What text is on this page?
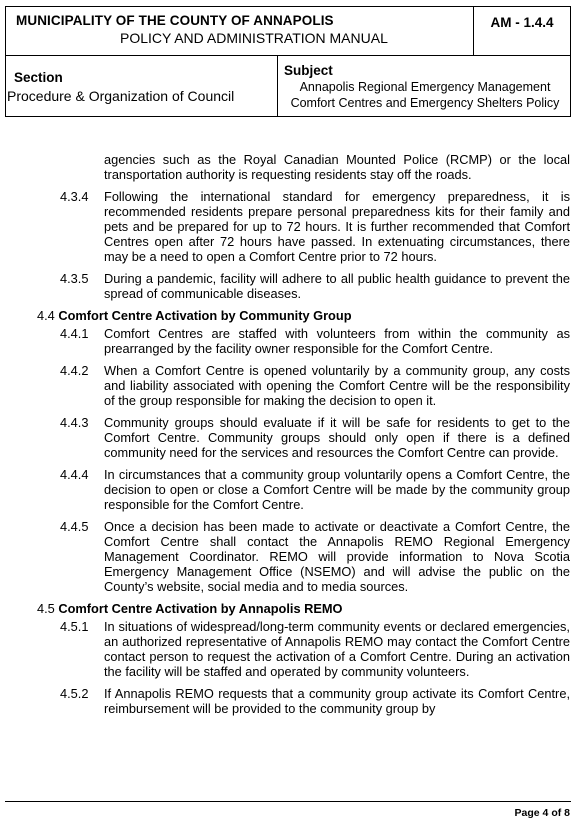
MUNICIPALITY OF THE COUNTY OF ANNAPOLIS
POLICY AND ADMINISTRATION MANUAL
AM - 1.4.4
Section
Procedure & Organization of Council
Subject
Annapolis Regional Emergency Management
Comfort Centres and Emergency Shelters Policy
agencies such as the Royal Canadian Mounted Police (RCMP) or the local transportation authority is requesting residents stay off the roads.
4.3.4 Following the international standard for emergency preparedness, it is recommended residents prepare personal preparedness kits for their family and pets and be prepared for up to 72 hours. It is further recommended that Comfort Centres open after 72 hours have passed. In extenuating circumstances, there may be a need to open a Comfort Centre prior to 72 hours.
4.3.5 During a pandemic, facility will adhere to all public health guidance to prevent the spread of communicable diseases.
4.4 Comfort Centre Activation by Community Group
4.4.1 Comfort Centres are staffed with volunteers from within the community as prearranged by the facility owner responsible for the Comfort Centre.
4.4.2 When a Comfort Centre is opened voluntarily by a community group, any costs and liability associated with opening the Comfort Centre will be the responsibility of the group responsible for making the decision to open it.
4.4.3 Community groups should evaluate if it will be safe for residents to get to the Comfort Centre. Community groups should only open if there is a defined community need for the services and resources the Comfort Centre can provide.
4.4.4 In circumstances that a community group voluntarily opens a Comfort Centre, the decision to open or close a Comfort Centre will be made by the community group responsible for the Comfort Centre.
4.4.5 Once a decision has been made to activate or deactivate a Comfort Centre, the Comfort Centre shall contact the Annapolis REMO Regional Emergency Management Coordinator. REMO will provide information to Nova Scotia Emergency Management Office (NSEMO) and will advise the public on the County’s website, social media and to media sources.
4.5 Comfort Centre Activation by Annapolis REMO
4.5.1 In situations of widespread/long-term community events or declared emergencies, an authorized representative of Annapolis REMO may contact the Comfort Centre contact person to request the activation of a Comfort Centre. During an activation the facility will be staffed and operated by community volunteers.
4.5.2 If Annapolis REMO requests that a community group activate its Comfort Centre, reimbursement will be provided to the community group by
Page 4 of 8
